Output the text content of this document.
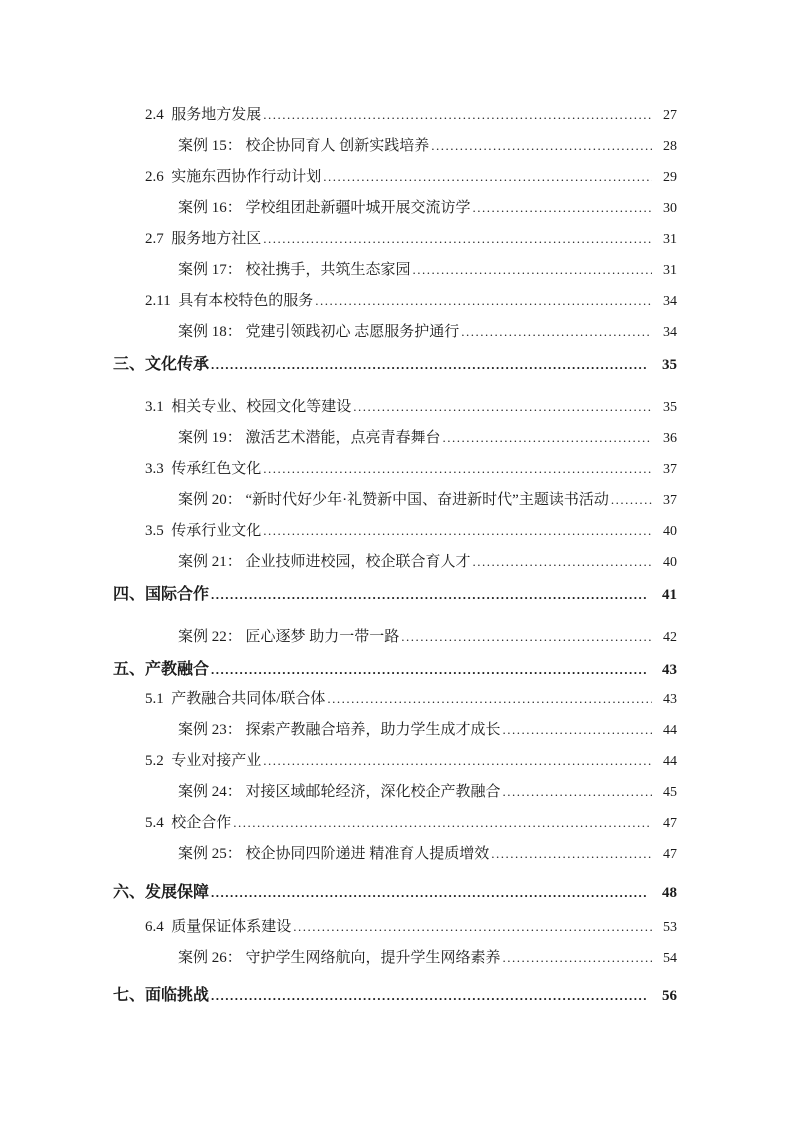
2.4  服务地方发展 .....	27
案例 15： 校企协同育人 创新实践培养 .....	28
2.6  实施东西协作行动计划 .....	29
案例 16： 学校组团赴新疆叶城开展交流访学 .....	30
2.7  服务地方社区 .....	31
案例 17： 校社携手，共筑生态家园 .....	31
2.11  具有本校特色的服务 .....	34
案例 18： 党建引领践初心 志愿服务护通行 .....	34
三、文化传承 .....	35
3.1  相关专业、校园文化等建设 .....	35
案例 19： 激活艺术潜能，点亮青春舞台 .....	36
3.3  传承红色文化 .....	37
案例 20： “新时代好少年·礼赞新中国、奋进新时代”主题读书活动 .....	37
3.5  传承行业文化 .....	40
案例 21： 企业技师进校园，校企联合育人才 .....	40
四、国际合作 .....	41
案例 22： 匠心逐梦 助力一带一路 .....	42
五、产教融合 .....	43
5.1  产教融合共同体/联合体 .....	43
案例 23： 探索产教融合培养，助力学生成才成长 .....	44
5.2  专业对接产业 .....	44
案例 24： 对接区域邮轮经济，深化校企产教融合 .....	45
5.4  校企合作 .....	47
案例 25： 校企协同四阶递进 精准育人提质增效 .....	47
六、发展保障 .....	48
6.4  质量保证体系建设 .....	53
案例 26： 守护学生网络航向，提升学生网络素养 .....	54
七、面临挑战 .....	56
